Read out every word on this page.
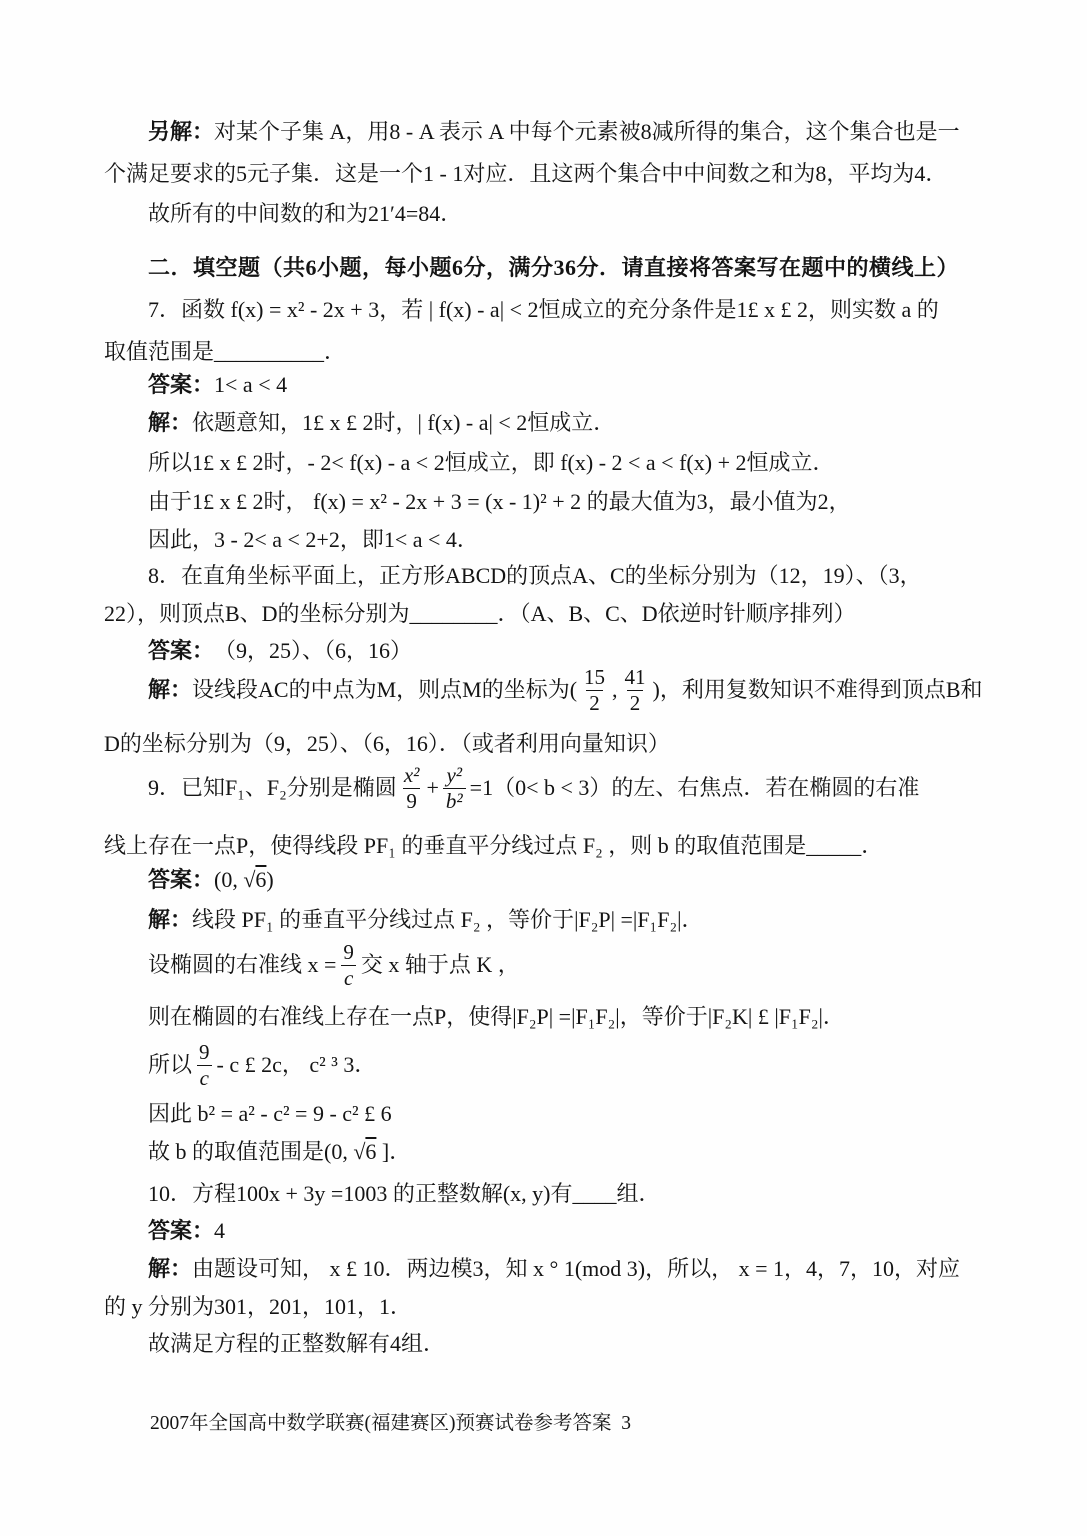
另解： 对某个子集 A，用8 - A 表示 A 中每个元素被8减所得的集合，这个集合也是一

个满足要求的5元子集．这是一个1 - 1对应．且这两个集合中中间数之和为8，平均为4．

故所有的中间数的和为21′4=84．

二．填空题（共6小题，每小题6分，满分36分．请直接将答案写在题中的横线上）

7．函数 f(x) = x² - 2x + 3，若 | f(x) - a| < 2恒成立的充分条件是1£ x £ 2，则实数 a 的

取值范围是__________．

答案： 1< a < 4

解： 依题意知，1£ x £ 2时，| f(x) - a| < 2恒成立．

所以1£ x £ 2时，- 2< f(x) - a < 2恒成立，即 f(x) - 2 < a < f(x) + 2恒成立．

由于1£ x £ 2时， f(x) = x² - 2x + 3 = (x - 1)² + 2 的最大值为3，最小值为2，

因此，3 - 2< a < 2+2，即1< a < 4．

8．在直角坐标平面上，正方形ABCD的顶点A、C的坐标分别为（12，19）、（3，

22），则顶点B、D的坐标分别为________．（A、B、C、D依逆时针顺序排列）

答案： （9，25）、（6，16）

解： 设线段AC的中点为M，则点M的坐标为( $\frac{15}{2}$ , $\frac{41}{2}$ )，利用复数知识不难得到顶点B和

D的坐标分别为（9，25）、（6，16）．（或者利用向量知识）

9．已知F₁、F₂分别是椭圆 $\frac{\text{x²}}{9} + \frac{\text{y²}}{\text{b²}} =1$ （0< b < 3）的左、右焦点．若在椭圆的右准

线上存在一点P，使得线段 PF₁ 的垂直平分线过点 F₂ ，则 b 的取值范围是_____．

答案： (0, √ 6 )

解： 线段 PF₁ 的垂直平分线过点 F₂ ，等价于|F₂P| =|F₁F₂|．

设椭圆的右准线 $x = \frac{9}{c}$ 交 x 轴于点 K ，

则在椭圆的右准线上存在一点P，使得|F₂P| =|F₁F₂|，等价于|F₂K| £ |F₁F₂|．

所以 $\frac{9}{c}$ - c £ 2c， c² ³ 3．

因此 b² = a² - c² = 9 - c² £ 6

故 b 的取值范围是(0, √ 6 ]．

10．方程100x + 3y =1003 的正整数解(x, y)有____组．

答案： 4

解： 由题设可知， x £ 10．两边模3，知 x ° 1(mod 3)，所以， x = 1，4，7，10，对应

的 y 分别为301，201，101，1．

故满足方程的正整数解有4组．

2007年全国高中数学联赛(福建赛区)预赛试卷参考答案  3
